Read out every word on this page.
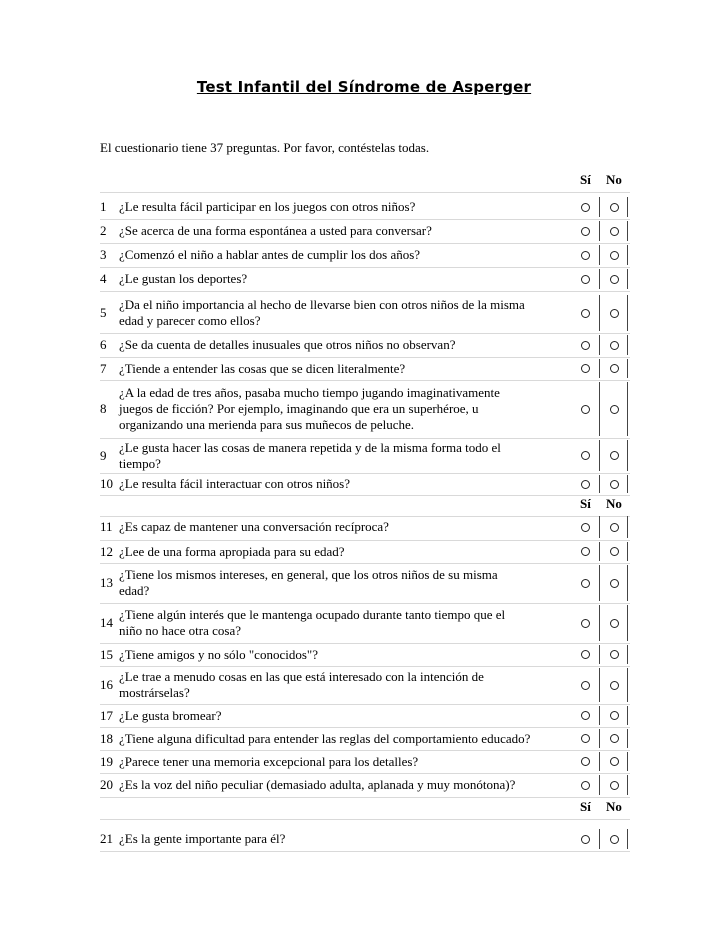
Test Infantil del Síndrome de Asperger
El cuestionario tiene 37 preguntas. Por favor, contéstelas todas.
Sí No
Sí No
Sí No
1 ¿Le resulta fácil participar en los juegos con otros niños?
2 ¿Se acerca de una forma espontánea a usted para conversar?
3 ¿Comenzó el niño a hablar antes de cumplir los dos años?
4 ¿Le gustan los deportes?
5
¿Da el niño importancia al hecho de llevarse bien con otros niños de la misma
edad y parecer como ellos?
6 ¿Se da cuenta de detalles inusuales que otros niños no observan?
7 ¿Tiende a entender las cosas que se dicen literalmente?
8
¿A la edad de tres años, pasaba mucho tiempo jugando imaginativamente
juegos de ficción? Por ejemplo, imaginando que era un superhéroe, u
organizando una merienda para sus muñecos de peluche.
9
¿Le gusta hacer las cosas de manera repetida y de la misma forma todo el
tiempo?
10 ¿Le resulta fácil interactuar con otros niños?
11 ¿Es capaz de mantener una conversación recíproca?
12 ¿Lee de una forma apropiada para su edad?
13
¿Tiene los mismos intereses, en general, que los otros niños de su misma
edad?
14
¿Tiene algún interés que le mantenga ocupado durante tanto tiempo que el
niño no hace otra cosa?
15 ¿Tiene amigos y no sólo "conocidos"?
16
¿Le trae a menudo cosas en las que está interesado con la intención de
mostrárselas?
17 ¿Le gusta bromear?
18 ¿Tiene alguna dificultad para entender las reglas del comportamiento educado?
19 ¿Parece tener una memoria excepcional para los detalles?
20 ¿Es la voz del niño peculiar (demasiado adulta, aplanada y muy monótona)?
21 ¿Es la gente importante para él?
